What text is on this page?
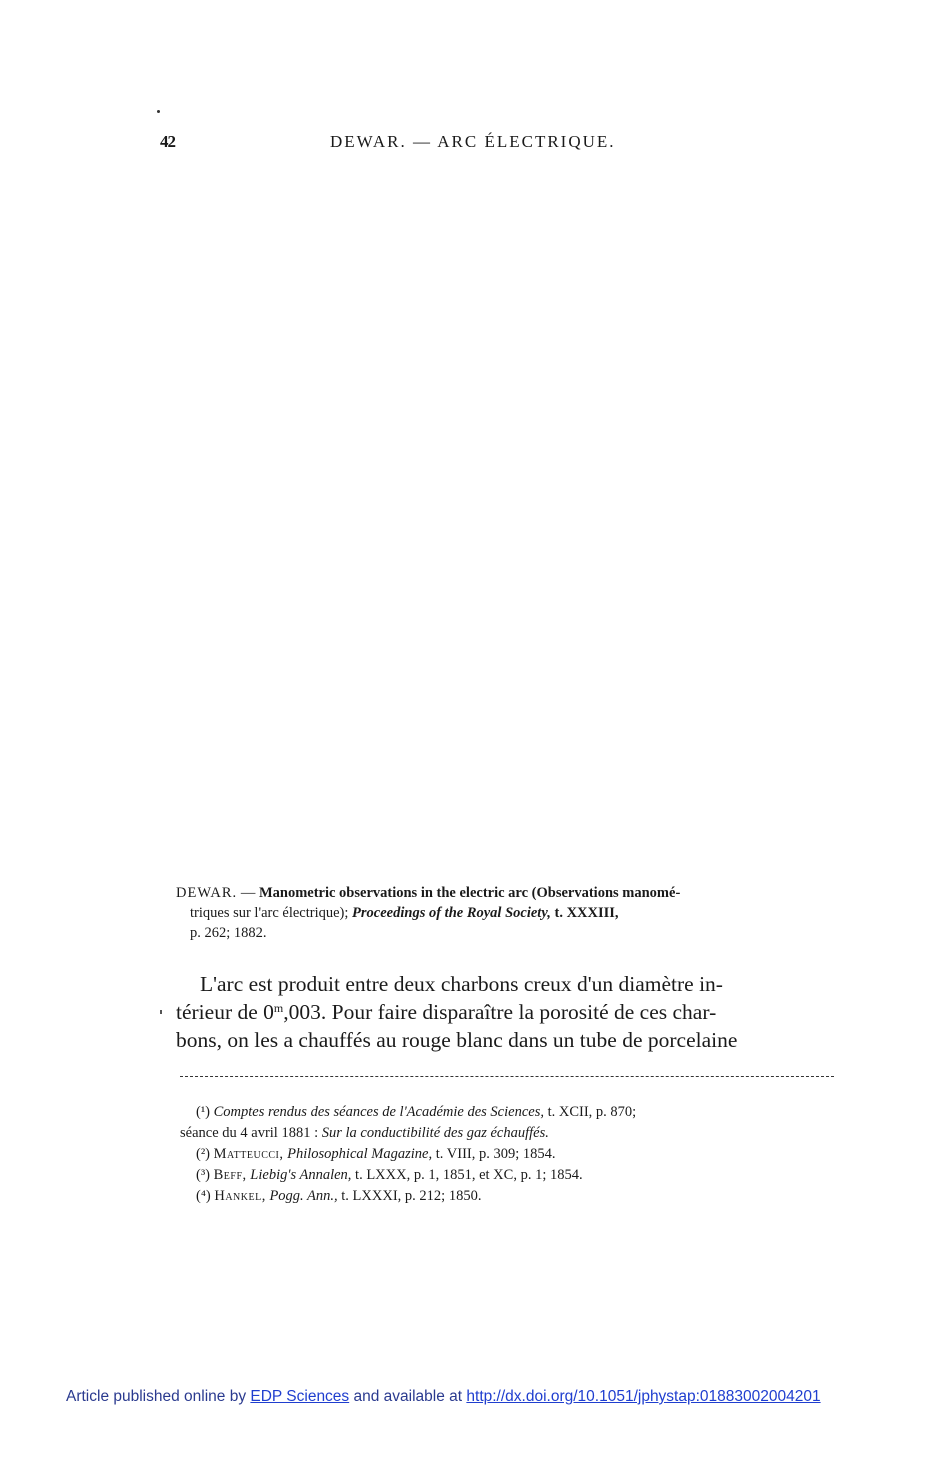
42	DEWAR. — ARC ÉLECTRIQUE.
DEWAR. — Manometric observations in the electric arc (Observations manomé-
triques sur l'arc électrique); Proceedings of the Royal Society, t. XXXIII,
p. 262; 1882.
L'arc est produit entre deux charbons creux d'un diamètre in-
térieur de 0$^m$,003. Pour faire disparaître la porosité de ces char-
bons, on les a chauffés au rouge blanc dans un tube de porcelaine
(¹) Comptes rendus des séances de l'Académie des Sciences, t. XCII, p. 870;
séance du 4 avril 1881 : Sur la conductibilité des gaz échauffés.
(²) Matteucci, Philosophical Magazine, t. VIII, p. 309; 1854.
(³) Beff, Liebig's Annalen, t. LXXX, p. 1, 1851, et XC, p. 1; 1854.
(⁴) Hankel, Pogg. Ann., t. LXXXI, p. 212; 1850.
Article published online by EDP Sciences and available at http://dx.doi.org/10.1051/jphystap:01883002004201
